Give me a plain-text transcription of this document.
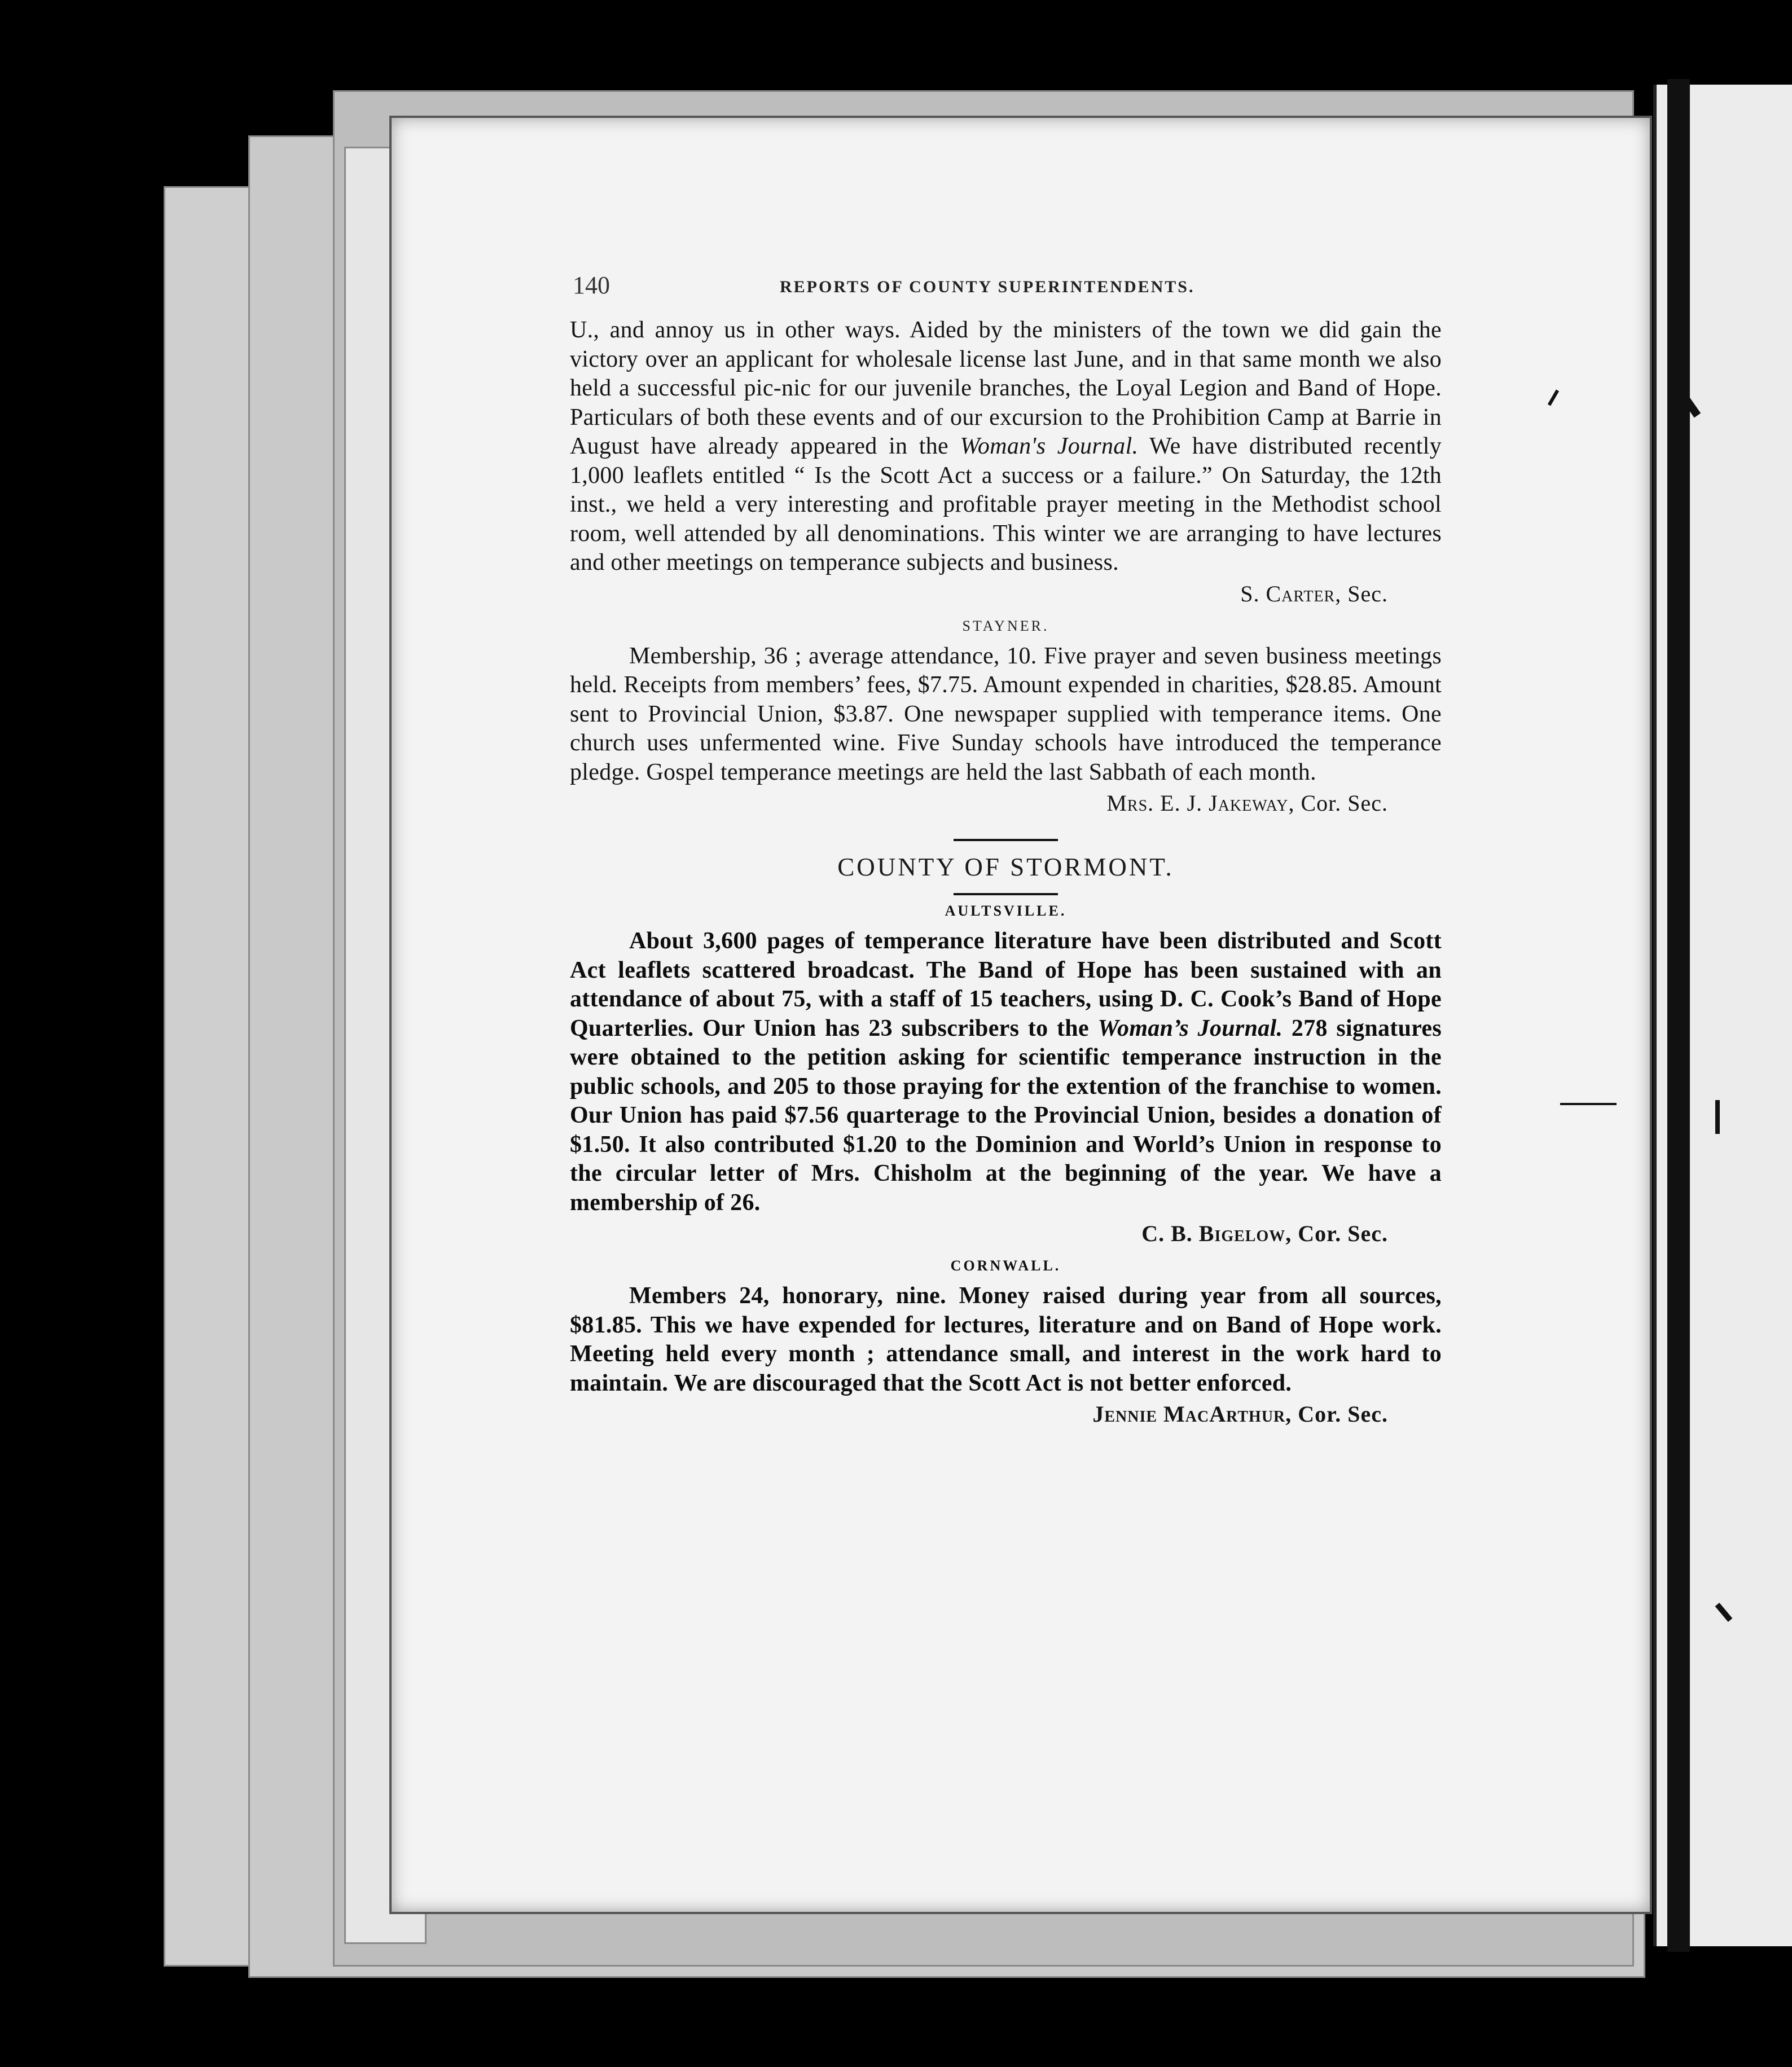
140	REPORTS OF COUNTY SUPERINTENDENTS.

U., and annoy us in other ways. Aided by the ministers of the town we did gain the victory over an applicant for wholesale license last June, and in that same month we also held a successful pic-nic for our juvenile branches, the Loyal Legion and Band of Hope. Particulars of both these events and of our excursion to the Prohibition Camp at Barrie in August have already appeared in the Woman's Journal. We have distributed recently 1,000 leaflets entitled “ Is the Scott Act a success or a failure.” On Saturday, the 12th inst., we held a very interesting and profitable prayer meeting in the Methodist school room, well attended by all denominations. This winter we are arranging to have lectures and other meetings on temperance subjects and business.

S. Carter, Sec.
STAYNER.

Membership, 36 ; average attendance, 10. Five prayer and seven business meetings held. Receipts from members’ fees, $7.75. Amount expended in charities, $28.85. Amount sent to Provincial Union, $3.87. One newspaper supplied with temperance items. One church uses unfermented wine. Five Sunday schools have introduced the temperance pledge. Gospel temperance meetings are held the last Sabbath of each month.

Mrs. E. J. Jakeway, Cor. Sec.
COUNTY OF STORMONT.
AULTSVILLE.

About 3,600 pages of temperance literature have been distributed and Scott Act leaflets scattered broadcast. The Band of Hope has been sustained with an attendance of about 75, with a staff of 15 teachers, using D. C. Cook’s Band of Hope Quarterlies. Our Union has 23 subscribers to the Woman’s Journal. 278 signatures were obtained to the petition asking for scientific temperance instruction in the public schools, and 205 to those praying for the extention of the franchise to women. Our Union has paid $7.56 quarterage to the Provincial Union, besides a donation of $1.50. It also contributed $1.20 to the Dominion and World’s Union in response to the circular letter of Mrs. Chisholm at the beginning of the year. We have a membership of 26.

C. B. Bigelow, Cor. Sec.
CORNWALL.

Members 24, honorary, nine. Money raised during year from all sources, $81.85. This we have expended for lectures, literature and on Band of Hope work. Meeting held every month ; attendance small, and interest in the work hard to maintain. We are discouraged that the Scott Act is not better enforced.

Jennie MacArthur, Cor. Sec.
